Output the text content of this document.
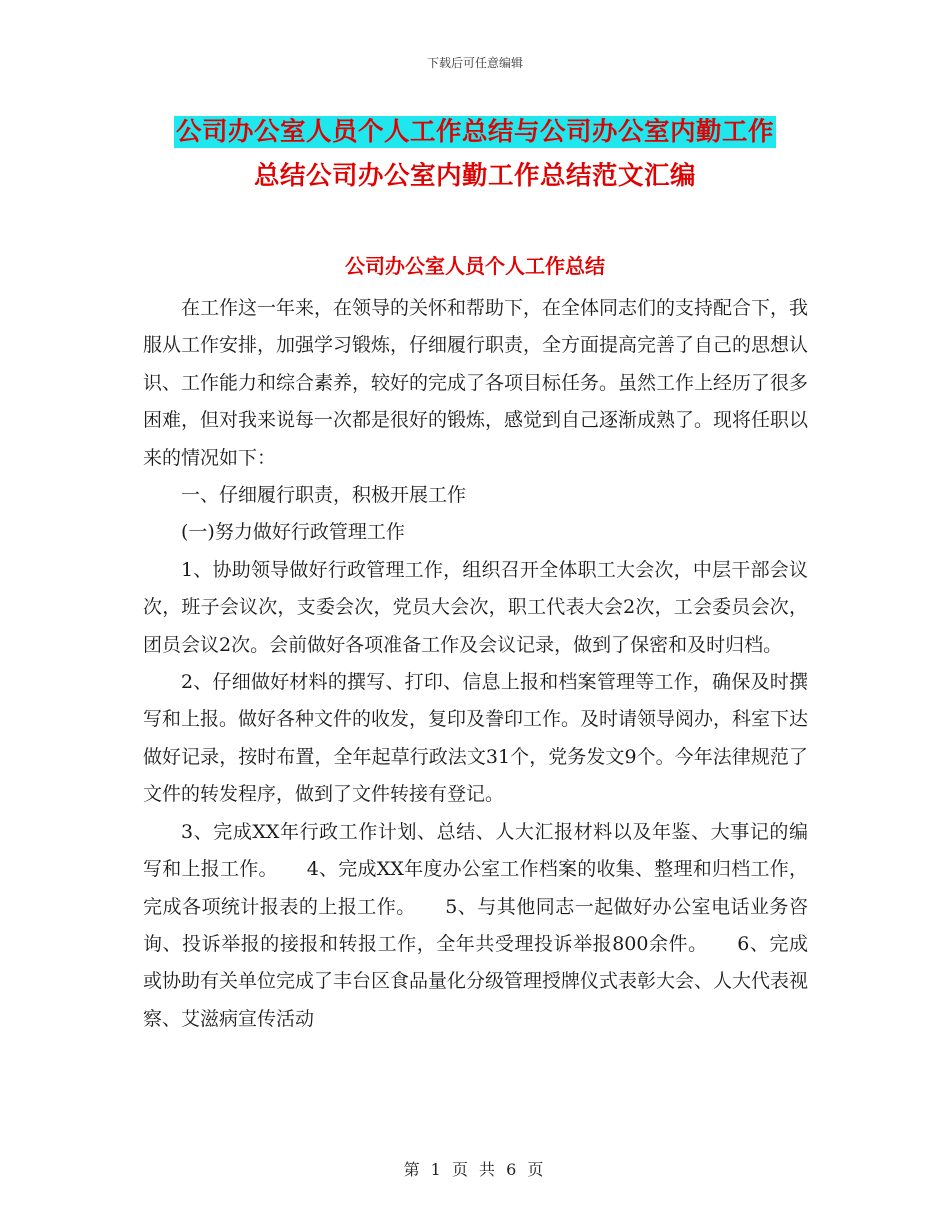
下载后可任意编辑
公司办公室人员个人工作总结与公司办公室内勤工作
总结公司办公室内勤工作总结范文汇编
公司办公室人员个人工作总结

在工作这一年来，在领导的关怀和帮助下，在全体同志们的支持配合下，我服从工作安排，加强学习锻炼，仔细履行职责，全方面提高完善了自己的思想认识、工作能力和综合素养，较好的完成了各项目标任务。虽然工作上经历了很多困难，但对我来说每一次都是很好的锻炼，感觉到自己逐渐成熟了。现将任职以来的情况如下：

一、仔细履行职责，积极开展工作

(一)努力做好行政管理工作

1、协助领导做好行政管理工作，组织召开全体职工大会次，中层干部会议次，班子会议次，支委会次，党员大会次，职工代表大会2次，工会委员会次，团员会议2次。会前做好各项准备工作及会议记录，做到了保密和及时归档。

2、仔细做好材料的撰写、打印、信息上报和档案管理等工作，确保及时撰写和上报。做好各种文件的收发，复印及誊印工作。及时请领导阅办，科室下达做好记录，按时布置，全年起草行政法文31个，党务发文9个。今年法律规范了文件的转发程序，做到了文件转接有登记。

3、完成XX年行政工作计划、总结、人大汇报材料以及年鉴、大事记的编写和上报工作。　　4、完成XX年度办公室工作档案的收集、整理和归档工作，完成各项统计报表的上报工作。　　5、与其他同志一起做好办公室电话业务咨询、投诉举报的接报和转报工作，全年共受理投诉举报800余件。　　6、完成或协助有关单位完成了丰台区食品量化分级管理授牌仪式表彰大会、人大代表视察、艾滋病宣传活动

第 1 页 共 6 页
